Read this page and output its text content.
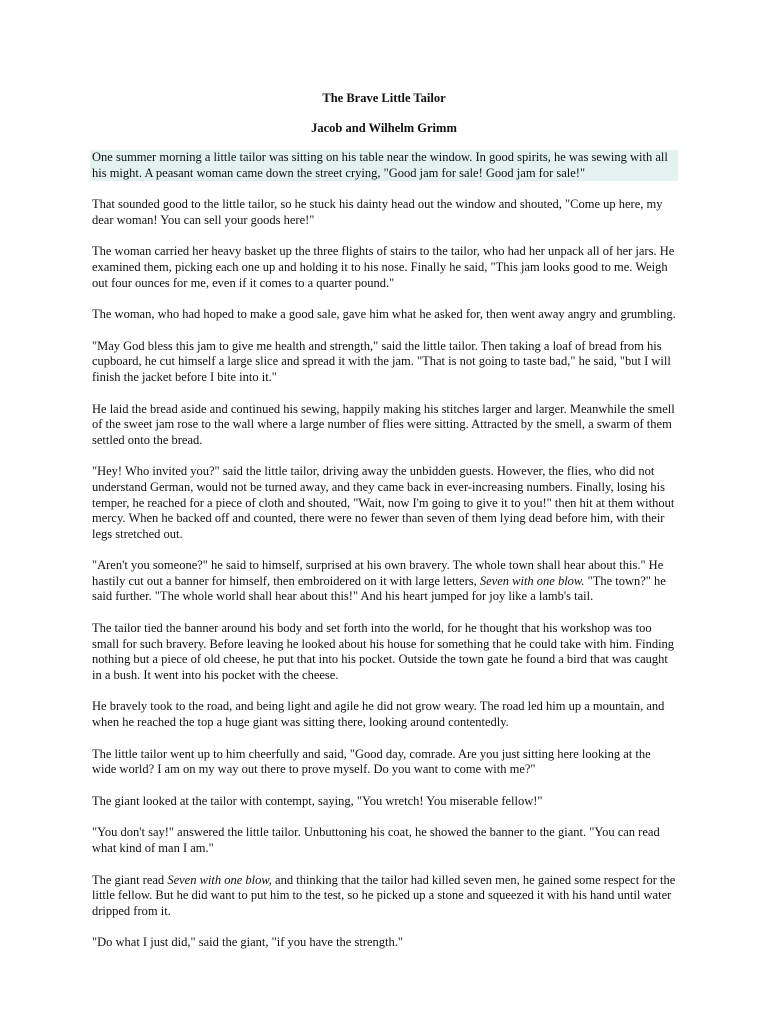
The Brave Little Tailor
Jacob and Wilhelm Grimm

One summer morning a little tailor was sitting on his table near the window. In good spirits, he was sewing with all his might. A peasant woman came down the street crying, "Good jam for sale! Good jam for sale!"

That sounded good to the little tailor, so he stuck his dainty head out the window and shouted, "Come up here, my dear woman! You can sell your goods here!"

The woman carried her heavy basket up the three flights of stairs to the tailor, who had her unpack all of her jars. He examined them, picking each one up and holding it to his nose. Finally he said, "This jam looks good to me. Weigh out four ounces for me, even if it comes to a quarter pound."

The woman, who had hoped to make a good sale, gave him what he asked for, then went away angry and grumbling.

"May God bless this jam to give me health and strength," said the little tailor. Then taking a loaf of bread from his cupboard, he cut himself a large slice and spread it with the jam. "That is not going to taste bad," he said, "but I will finish the jacket before I bite into it."

He laid the bread aside and continued his sewing, happily making his stitches larger and larger. Meanwhile the smell of the sweet jam rose to the wall where a large number of flies were sitting. Attracted by the smell, a swarm of them settled onto the bread.

"Hey! Who invited you?" said the little tailor, driving away the unbidden guests. However, the flies, who did not understand German, would not be turned away, and they came back in ever-increasing numbers. Finally, losing his temper, he reached for a piece of cloth and shouted, "Wait, now I'm going to give it to you!" then hit at them without mercy. When he backed off and counted, there were no fewer than seven of them lying dead before him, with their legs stretched out.

"Aren't you someone?" he said to himself, surprised at his own bravery. The whole town shall hear about this." He hastily cut out a banner for himself, then embroidered on it with large letters, Seven with one blow. "The town?" he said further. "The whole world shall hear about this!" And his heart jumped for joy like a lamb's tail.

The tailor tied the banner around his body and set forth into the world, for he thought that his workshop was too small for such bravery. Before leaving he looked about his house for something that he could take with him. Finding nothing but a piece of old cheese, he put that into his pocket. Outside the town gate he found a bird that was caught in a bush. It went into his pocket with the cheese.

He bravely took to the road, and being light and agile he did not grow weary. The road led him up a mountain, and when he reached the top a huge giant was sitting there, looking around contentedly.

The little tailor went up to him cheerfully and said, "Good day, comrade. Are you just sitting here looking at the wide world? I am on my way out there to prove myself. Do you want to come with me?"

The giant looked at the tailor with contempt, saying, "You wretch! You miserable fellow!"

"You don't say!" answered the little tailor. Unbuttoning his coat, he showed the banner to the giant. "You can read what kind of man I am."

The giant read Seven with one blow, and thinking that the tailor had killed seven men, he gained some respect for the little fellow. But he did want to put him to the test, so he picked up a stone and squeezed it with his hand until water dripped from it.

"Do what I just did," said the giant, "if you have the strength."
